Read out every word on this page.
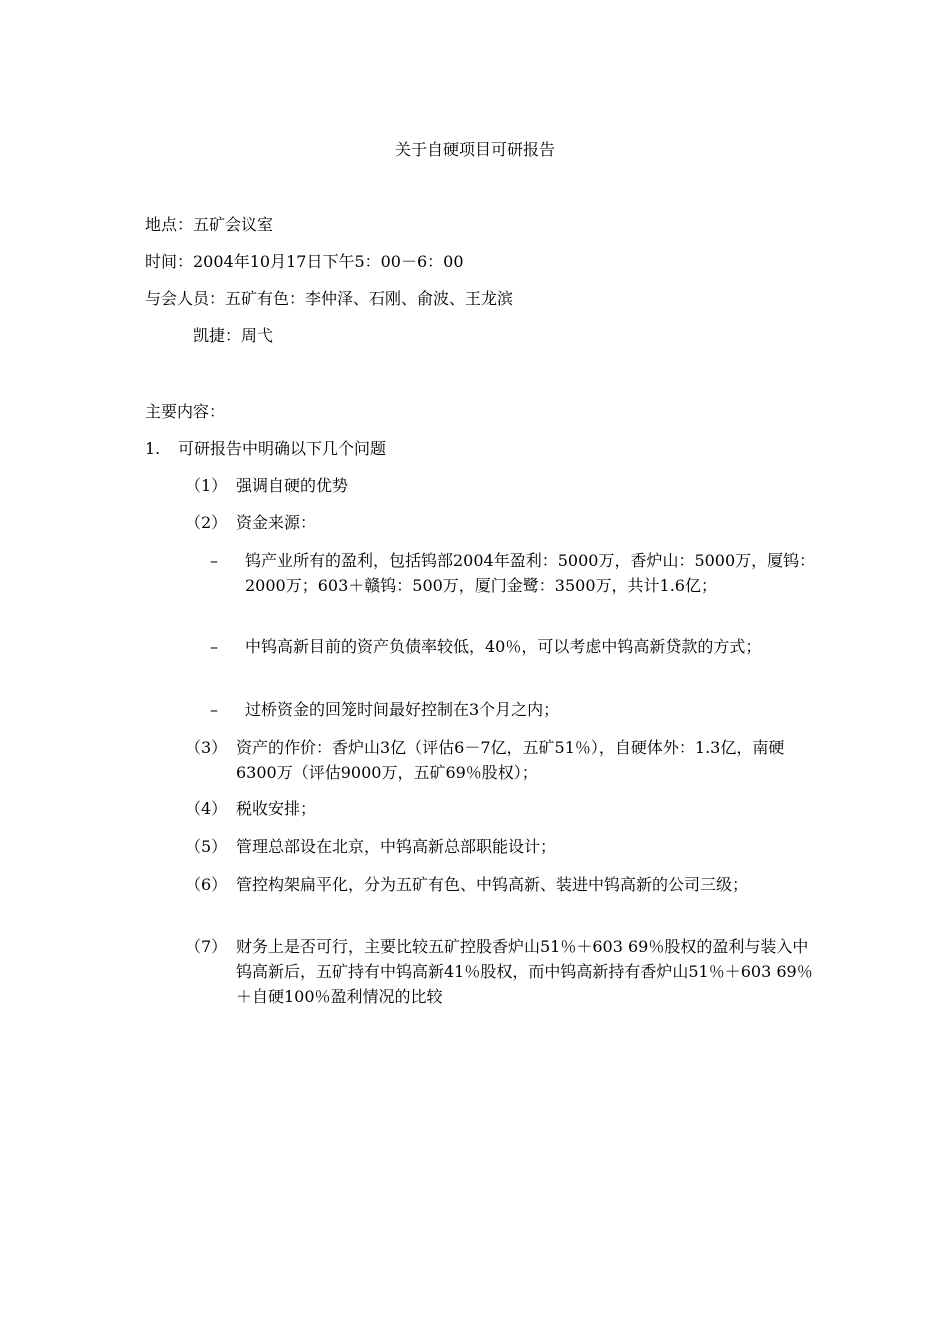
关于自硬项目可研报告
地点：五矿会议室
时间：2004年10月17日下午5：00－6：00
与会人员：五矿有色：李仲泽、石刚、俞波、王龙滨
凯捷：周弋
主要内容：
1. 可研报告中明确以下几个问题
（1） 强调自硬的优势
（2） 资金来源：
– 钨产业所有的盈利，包括钨部2004年盈利：5000万，香炉山：5000万，厦钨：2000万；603＋赣钨：500万，厦门金鹭：3500万，共计1.6亿；
– 中钨高新目前的资产负债率较低，40％，可以考虑中钨高新贷款的方式；
– 过桥资金的回笼时间最好控制在3个月之内；
（3） 资产的作价：香炉山3亿（评估6－7亿，五矿51％），自硬体外：1.3亿，南硬6300万（评估9000万，五矿69％股权）；
（4） 税收安排；
（5） 管理总部设在北京，中钨高新总部职能设计；
（6） 管控构架扁平化，分为五矿有色、中钨高新、装进中钨高新的公司三级；
（7） 财务上是否可行，主要比较五矿控股香炉山51％＋603 69％股权的盈利与装入中钨高新后，五矿持有中钨高新41％股权，而中钨高新持有香炉山51％＋603 69％＋自硬100％盈利情况的比较
